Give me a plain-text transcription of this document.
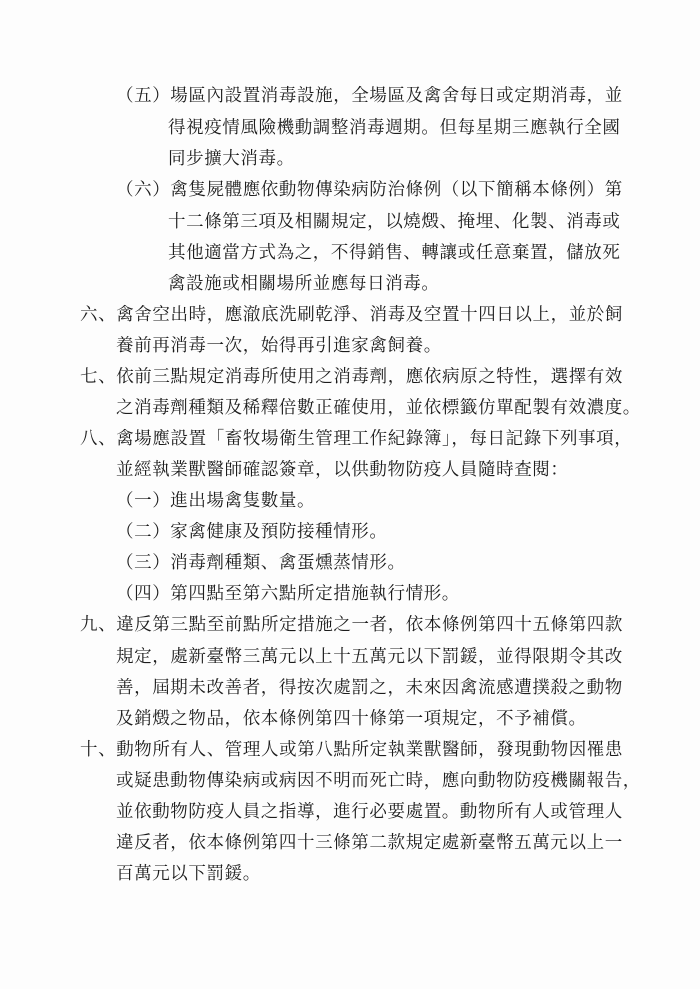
（五）場區內設置消毒設施，全場區及禽舍每日或定期消毒，並
得視疫情風險機動調整消毒週期。但每星期三應執行全國
同步擴大消毒。
（六）禽隻屍體應依動物傳染病防治條例（以下簡稱本條例）第
十二條第三項及相關規定，以燒燬、掩埋、化製、消毒或
其他適當方式為之，不得銷售、轉讓或任意棄置，儲放死
禽設施或相關場所並應每日消毒。
六、禽舍空出時，應澈底洗刷乾淨、消毒及空置十四日以上，並於飼
養前再消毒一次，始得再引進家禽飼養。
七、依前三點規定消毒所使用之消毒劑，應依病原之特性，選擇有效
之消毒劑種類及稀釋倍數正確使用，並依標籤仿單配製有效濃度。
八、禽場應設置「畜牧場衛生管理工作紀錄簿」，每日記錄下列事項，
並經執業獸醫師確認簽章，以供動物防疫人員隨時查閱：
（一）進出場禽隻數量。
（二）家禽健康及預防接種情形。
（三）消毒劑種類、禽蛋燻蒸情形。
（四）第四點至第六點所定措施執行情形。
九、違反第三點至前點所定措施之一者，依本條例第四十五條第四款
規定，處新臺幣三萬元以上十五萬元以下罰鍰，並得限期令其改
善，屆期未改善者，得按次處罰之，未來因禽流感遭撲殺之動物
及銷燬之物品，依本條例第四十條第一項規定，不予補償。
十、動物所有人、管理人或第八點所定執業獸醫師，發現動物因罹患
或疑患動物傳染病或病因不明而死亡時，應向動物防疫機關報告，
並依動物防疫人員之指導，進行必要處置。動物所有人或管理人
違反者，依本條例第四十三條第二款規定處新臺幣五萬元以上一
百萬元以下罰鍰。
